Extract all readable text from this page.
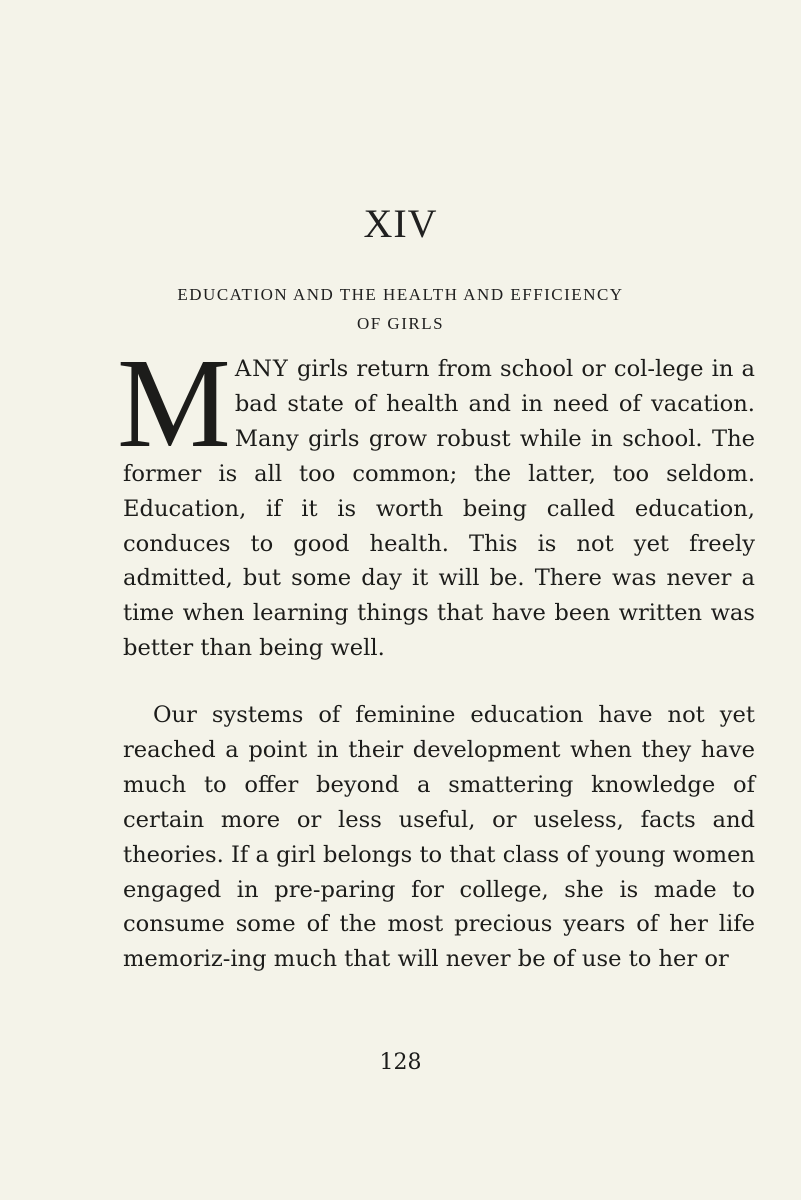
XIV
EDUCATION AND THE HEALTH AND EFFICIENCY
OF GIRLS

MANY girls return from school or col-lege in a bad state of health and in need of vacation. Many girls grow robust while in school. The former is all too common; the latter, too seldom. Education, if it is worth being called education, conduces to good health. This is not yet freely admitted, but some day it will be. There was never a time when learning things that have been written was better than being well.

Our systems of feminine education have not yet reached a point in their development when they have much to offer beyond a smattering knowledge of certain more or less useful, or useless, facts and theories. If a girl belongs to that class of young women engaged in pre-paring for college, she is made to consume some of the most precious years of her life memoriz-ing much that will never be of use to her or

128
